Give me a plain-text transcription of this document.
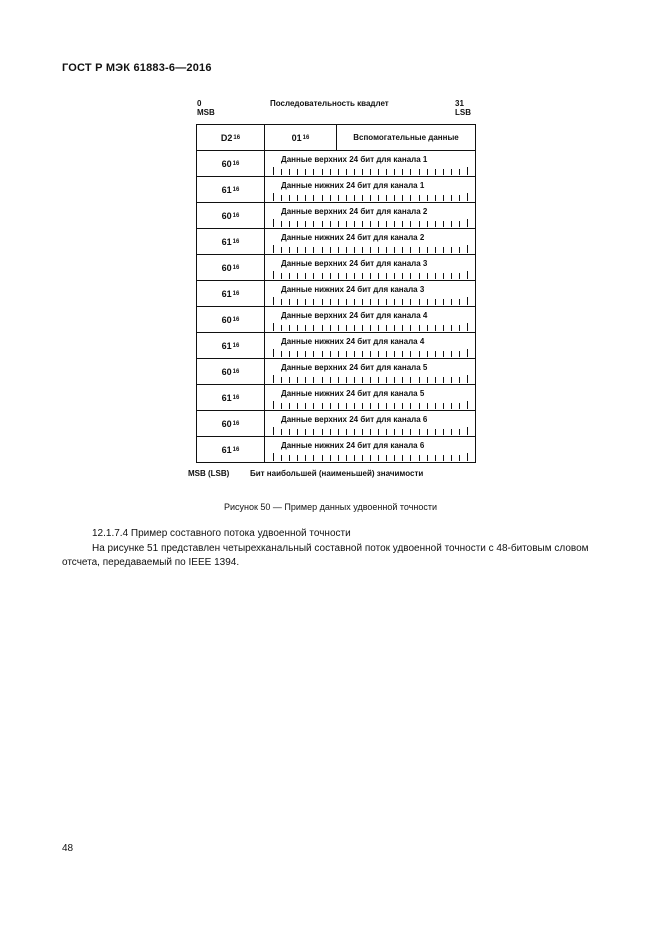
ГОСТ Р МЭК 61883-6—2016
0
MSB
Последовательность квадлет	31
LSB
D2 16	01 16	Вспомогательные данные
60 16	Данные верхних 24 бит для канала 1
61 16	Данные нижних 24 бит для канала 1
60 16	Данные верхних 24 бит для канала 2
61 16	Данные нижних 24 бит для канала 2
60 16	Данные верхних 24 бит для канала 3
61 16	Данные нижних 24 бит для канала 3
60 16	Данные верхних 24 бит для канала 4
61 16	Данные нижних 24 бит для канала 4
60 16	Данные верхних 24 бит для канала 5
61 16	Данные нижних 24 бит для канала 5
60 16	Данные верхних 24 бит для канала 6
61 16	Данные нижних 24 бит для канала 6
MSB (LSB)	Бит наибольшей (наименьшей) значимости
Рисунок 50 — Пример данных удвоенной точности
12.1.7.4 Пример составного потока удвоенной точности
На рисунке 51 представлен четырехканальный составной поток удвоенной точности с 48-битовым словом отсчета, передаваемый по IEEE 1394.
48
